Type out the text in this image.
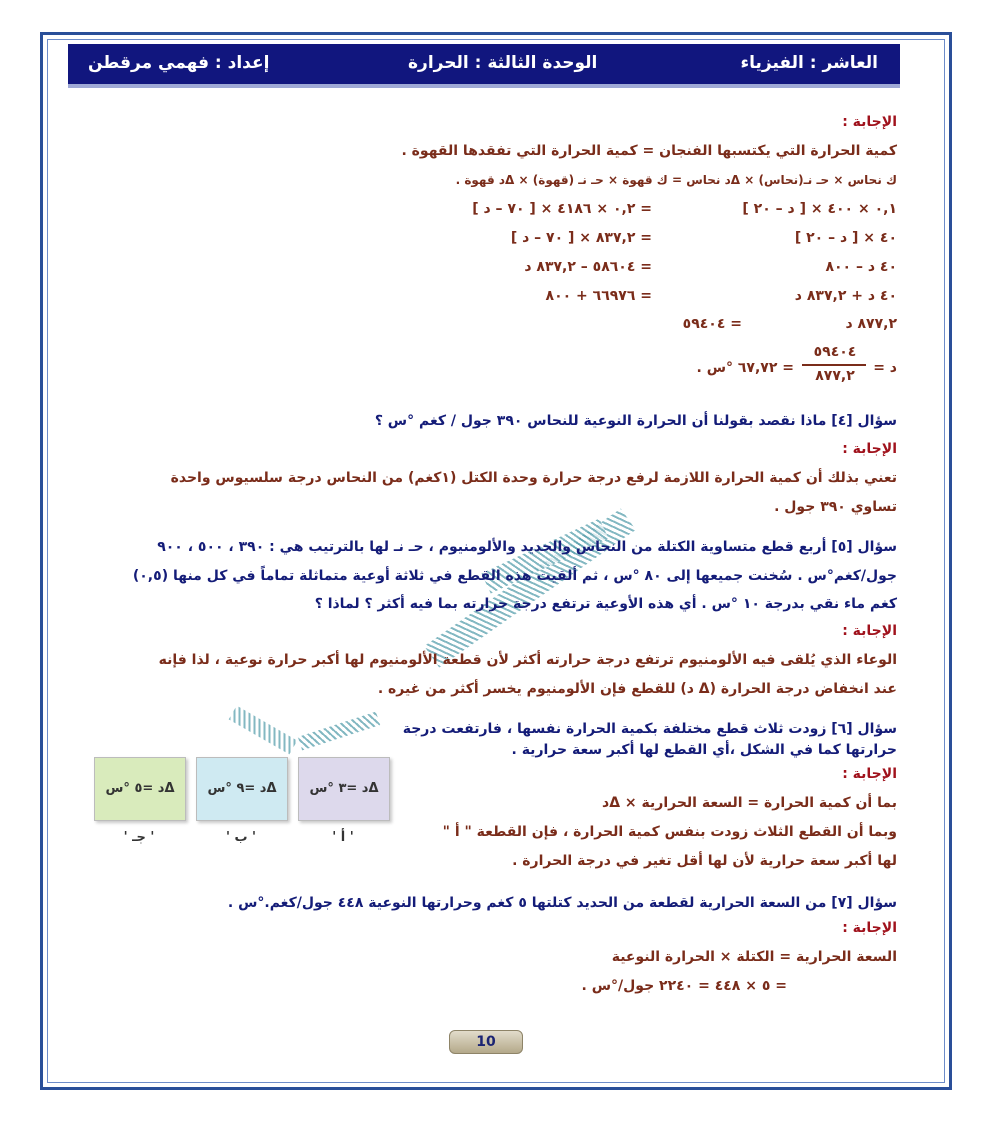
العاشر : الفيزياء
الوحدة الثالثة : الحرارة
إعداد : فهمي مرقطن
الإجابة :
كمية الحرارة التي يكتسبها الفنجان = كمية الحرارة التي تفقدها القهوة .
ك نحاس × حـ نـ(نحاس) × Δد نحاس = ك قهوة × حـ نـ (قهوة) × Δد قهوة .
٠,١ × ٤٠٠ × [ د – ٢٠ ]
= ٠,٢ × ٤١٨٦ × [ ٧٠ – د ]
٤٠ × [ د – ٢٠ ]
= ٨٣٧,٢ × [ ٧٠ – د ]
٤٠ د – ٨٠٠
= ٥٨٦٠٤ – ٨٣٧,٢ د
٤٠ د + ٨٣٧,٢ د
= ٦٦٩٧٦ + ٨٠٠
٨٧٧,٢ د
= ٥٩٤٠٤
د =
٥٩٤٠٤
٨٧٧,٢
= ٦٧,٧٢ °س .
سؤال [٤] ماذا نقصد بقولنا أن الحرارة النوعية للنحاس ٣٩٠ جول / كغم °س ؟
الإجابة :
تعني بذلك أن كمية الحرارة اللازمة لرفع درجة حرارة وحدة الكتل (١كغم) من النحاس درجة سلسيوس واحدة
تساوي ٣٩٠ جول .
سؤال [٥] أربع قطع متساوية الكتلة من النحاس والحديد والألومنيوم ، حـ نـ لها بالترتيب هي : ٣٩٠ ، ٥٠٠ ، ٩٠٠
جول/كغم°س . سُخنت جميعها إلى ٨٠ °س ، ثم ألقيت هذه القطع في ثلاثة أوعية متماثلة تماماً في كل منها (٠,٥)
كغم ماء نقي بدرجة ١٠ °س . أي هذه الأوعية ترتفع درجة حرارته بما فيه أكثر ؟ لماذا ؟
الإجابة :
الوعاء الذي يُلقى فيه الألومنيوم ترتفع درجة حرارته أكثر لأن قطعة الألومنيوم لها أكبر حرارة نوعية ، لذا فإنه
عند انخفاض درجة الحرارة (Δ د) للقطع فإن الألومنيوم يخسر أكثر من غيره .
سؤال [٦] زودت ثلاث قطع مختلفة بكمية الحرارة نفسها ، فارتفعت درجة
حرارتها كما في الشكل ،أي القطع لها أكبر سعة حرارية .
الإجابة :
بما أن كمية الحرارة = السعة الحرارية × Δد
وبما أن القطع الثلاث زودت بنفس كمية الحرارة ، فإن القطعة " أ "
لها أكبر سعة حرارية لأن لها أقل تغير في درجة الحرارة .
Δد =٥ °س	Δد =٩ °س	Δد =٣ °س
' جـ '	' ب '	' أ '
سؤال [٧] من السعة الحرارية لقطعة من الحديد كتلتها ٥ كغم وحرارتها النوعية ٤٤٨ جول/كغم.°س .
الإجابة :
السعة الحرارية = الكتلة × الحرارة النوعية
= ٥ × ٤٤٨ = ٢٢٤٠ جول/°س .
10
